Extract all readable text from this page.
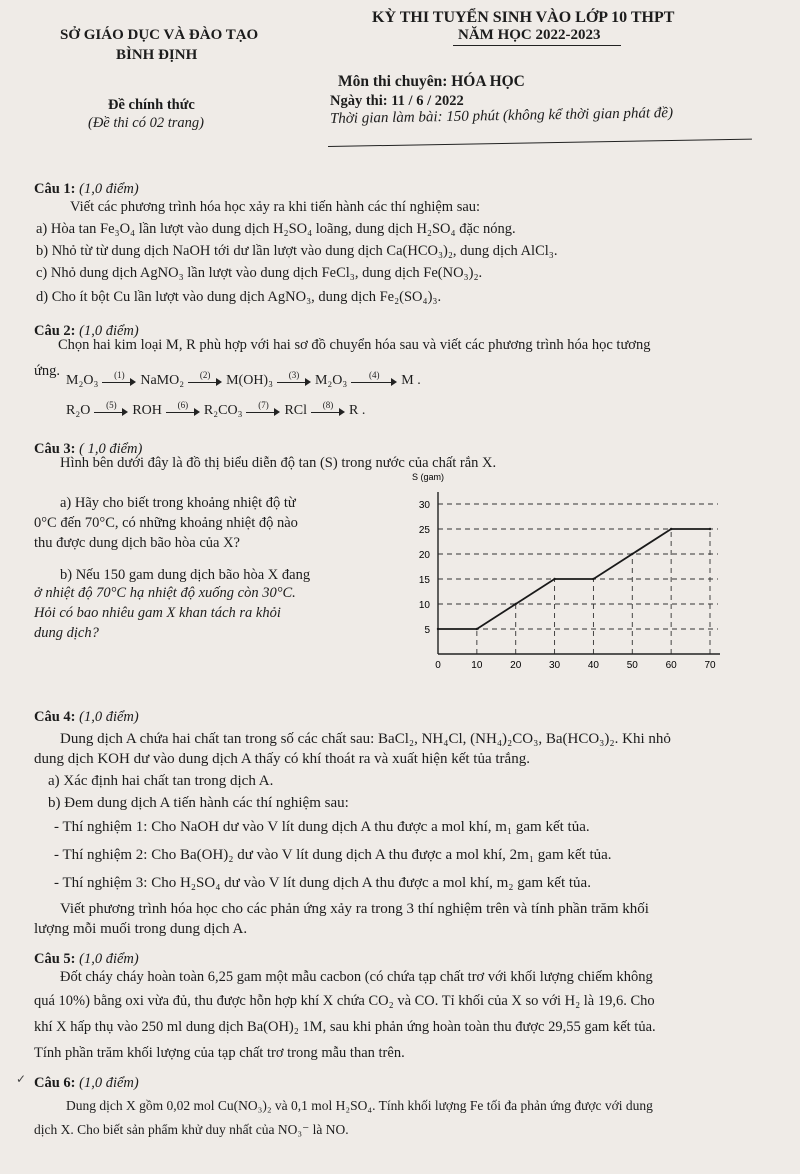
SỞ GIÁO DỤC VÀ ĐÀO TẠO
BÌNH ĐỊNH
Đề chính thức
(Đề thi có 02 trang)
KỲ THI TUYỂN SINH VÀO LỚP 10 THPT
NĂM HỌC 2022-2023
Môn thi chuyên: HÓA HỌC
Ngày thi: 11 / 6 / 2022
Thời gian làm bài: 150 phút (không kể thời gian phát đề)
Câu 1: (1,0 điểm)
Viết các phương trình hóa học xảy ra khi tiến hành các thí nghiệm sau:
a) Hòa tan Fe₃O₄ lần lượt vào dung dịch H₂SO₄ loãng, dung dịch H₂SO₄ đặc nóng.
b) Nhỏ từ từ dung dịch NaOH tới dư lần lượt vào dung dịch Ca(HCO₃)₂, dung dịch AlCl₃.
c) Nhỏ dung dịch AgNO₃ lần lượt vào dung dịch FeCl₃, dung dịch Fe(NO₃)₂.
d) Cho ít bột Cu lần lượt vào dung dịch AgNO₃, dung dịch Fe₂(SO₄)₃.
Câu 2: (1,0 điểm)
Chọn hai kim loại M, R phù hợp với hai sơ đồ chuyển hóa sau và viết các phương trình hóa học tương
ứng.
M₂O₃	(1)	NaMO₂	(2)	M(OH)₃	(3)	M₂O₃	(4)	M .
R₂O	(5)	ROH	(6)	R₂CO₃	(7)	RCl	(8)	R .
Câu 3: ( 1,0 điểm)
Hình bên dưới đây là đồ thị biểu diễn độ tan (S) trong nước của chất rắn X.
a) Hãy cho biết trong khoảng nhiệt độ từ
0°C đến 70°C, có những khoảng nhiệt độ nào
thu được dung dịch bão hòa của X?
b) Nếu 150 gam dung dịch bão hòa X đang
ở nhiệt độ 70°C hạ nhiệt độ xuống còn 30°C.
Hỏi có bao nhiêu gam X khan tách ra khỏi
dung dịch?
S (gam)
5
10
15
20
25
30
0	10	20	30	40	50	60	70
Câu 4: (1,0 điểm)
Dung dịch A chứa hai chất tan trong số các chất sau: BaCl₂, NH₄Cl, (NH₄)₂CO₃, Ba(HCO₃)₂. Khi nhỏ
dung dịch KOH dư vào dung dịch A thấy có khí thoát ra và xuất hiện kết tủa trắng.
a) Xác định hai chất tan trong dịch A.
b) Đem dung dịch A tiến hành các thí nghiệm sau:
- Thí nghiệm 1: Cho NaOH dư vào V lít dung dịch A thu được a mol khí, m₁ gam kết tủa.
- Thí nghiệm 2: Cho Ba(OH)₂ dư vào V lít dung dịch A thu được a mol khí, 2m₁ gam kết tủa.
- Thí nghiệm 3: Cho H₂SO₄ dư vào V lít dung dịch A thu được a mol khí, m₂ gam kết tủa.
Viết phương trình hóa học cho các phản ứng xảy ra trong 3 thí nghiệm trên và tính phần trăm khối
lượng mỗi muối trong dung dịch A.
Câu 5: (1,0 điểm)
Đốt cháy cháy hoàn toàn 6,25 gam một mẫu cacbon (có chứa tạp chất trơ với khối lượng chiếm không
quá 10%) bằng oxi vừa đủ, thu được hỗn hợp khí X chứa CO₂ và CO. Tỉ khối của X so với H₂ là 19,6. Cho
khí X hấp thụ vào 250 ml dung dịch Ba(OH)₂ 1M, sau khi phản ứng hoàn toàn thu được 29,55 gam kết tủa.
Tính phần trăm khối lượng của tạp chất trơ trong mẫu than trên.
✓ Câu 6: (1,0 điểm)
Dung dịch X gồm 0,02 mol Cu(NO₃)₂ và 0,1 mol H₂SO₄. Tính khối lượng Fe tối đa phản ứng được với dung
dịch X. Cho biết sản phẩm khử duy nhất của NO₃⁻ là NO.
